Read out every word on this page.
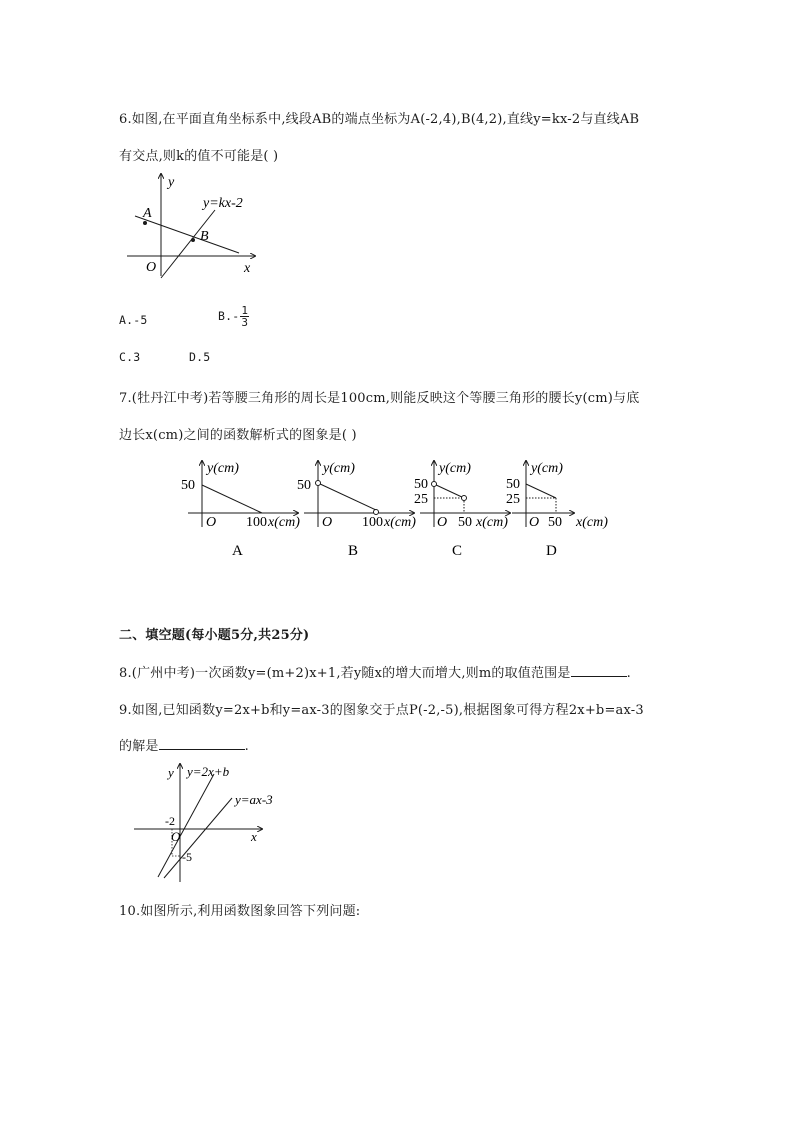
6.如图,在平面直角坐标系中,线段AB的端点坐标为A(-2,4),B(4,2),直线y=kx-2与直线AB
有交点,则k的值不可能是( )
y
x
O
A
B
y=kx-2
A.-5	$B.- \frac{1}{3}$
C.3	D.5
7.(牡丹江中考)若等腰三角形的周长是100cm,则能反映这个等腰三角形的腰长y(cm)与底
边长x(cm)之间的函数解析式的图象是( )
y(cm)
50
O 100 x(cm)
A
y(cm)
50
O 100 x(cm)
B
y(cm)
50
25
O 50 x(cm)
C
y(cm)
50
25
O 50 x(cm)
D
二、填空题(每小题5分,共25分)
8.(广州中考)一次函数y=(m+2)x+1,若y随x的增大而增大,则m的取值范围是	.
9.如图,已知函数y=2x+b和y=ax-3的图象交于点P(-2,-5),根据图象可得方程2x+b=ax-3
的解是	.
y
x
O
y=2x+b
y=ax-3
-2
-5
10.如图所示,利用函数图象回答下列问题:
